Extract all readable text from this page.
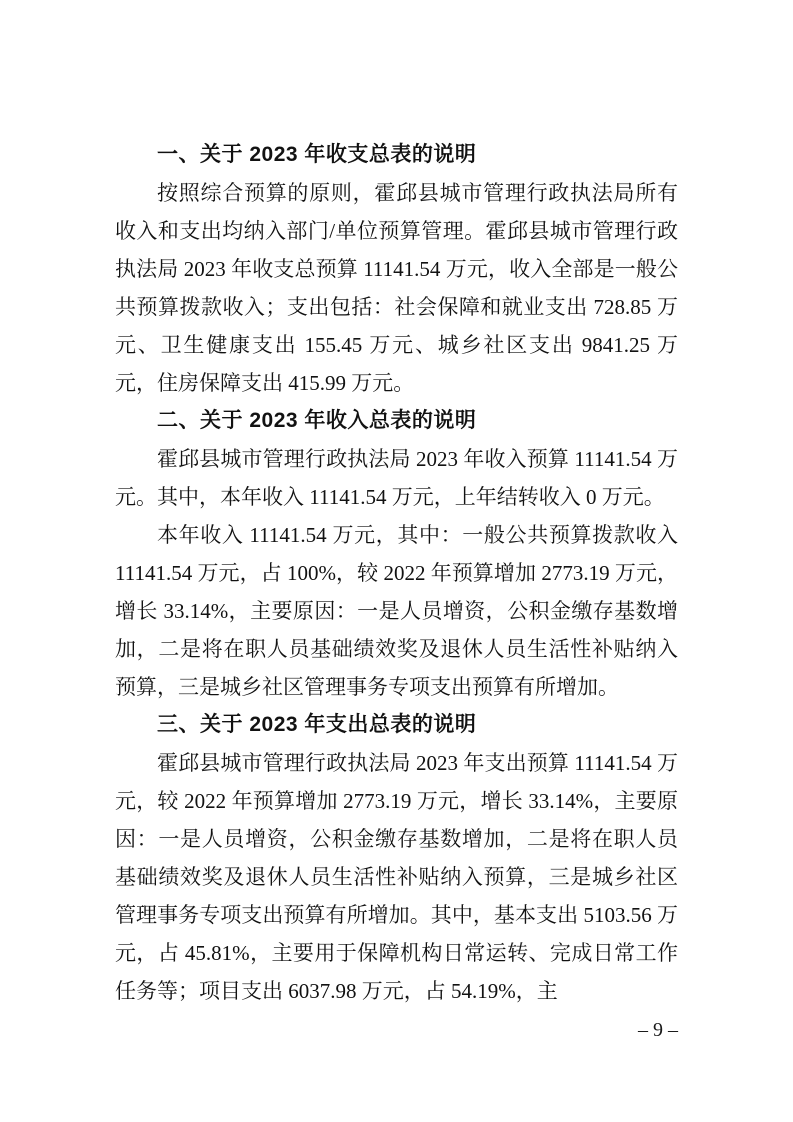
一、关于 2023 年收支总表的说明

按照综合预算的原则，霍邱县城市管理行政执法局所有收入和支出均纳入部门/单位预算管理。霍邱县城市管理行政执法局 2023 年收支总预算 11141.54 万元，收入全部是一般公共预算拨款收入；支出包括：社会保障和就业支出 728.85 万元、卫生健康支出 155.45 万元、城乡社区支出 9841.25 万元，住房保障支出 415.99 万元。

二、关于 2023 年收入总表的说明

霍邱县城市管理行政执法局 2023 年收入预算 11141.54 万元。其中，本年收入 11141.54 万元，上年结转收入 0 万元。

本年收入 11141.54 万元，其中：一般公共预算拨款收入 11141.54 万元，占 100%，较 2022 年预算增加 2773.19 万元，增长 33.14%，主要原因：一是人员增资，公积金缴存基数增加，二是将在职人员基础绩效奖及退休人员生活性补贴纳入预算，三是城乡社区管理事务专项支出预算有所增加。

三、关于 2023 年支出总表的说明

霍邱县城市管理行政执法局 2023 年支出预算 11141.54 万元，较 2022 年预算增加 2773.19 万元，增长 33.14%，主要原因：一是人员增资，公积金缴存基数增加，二是将在职人员基础绩效奖及退休人员生活性补贴纳入预算，三是城乡社区管理事务专项支出预算有所增加。其中，基本支出 5103.56 万元，占 45.81%，主要用于保障机构日常运转、完成日常工作任务等；项目支出 6037.98 万元，占 54.19%，主

– 9 –
